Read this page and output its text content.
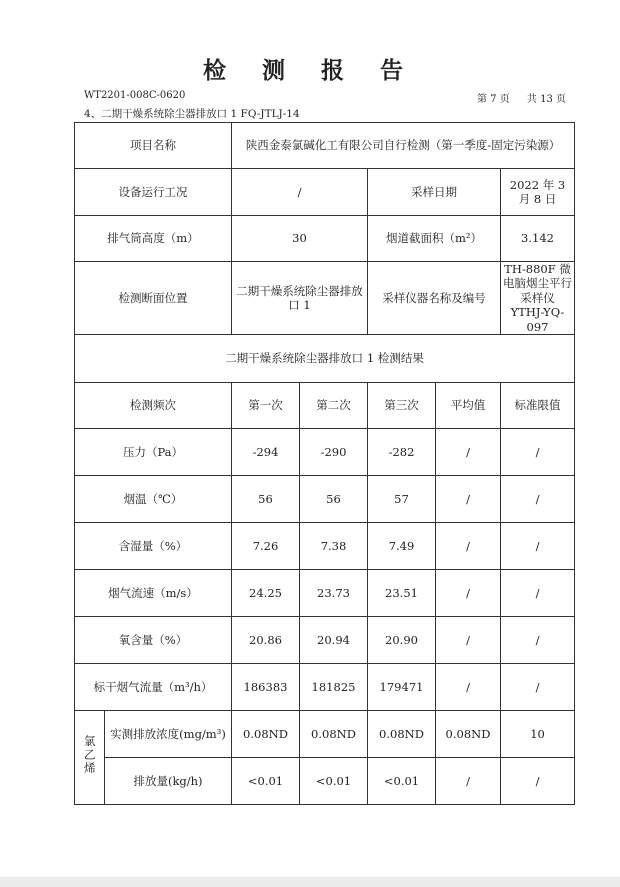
检 测 报 告
WT2201-008C-0620	第 7 页 共 13 页
4、二期干燥系统除尘器排放口 1 FQ-JTLJ-14
项目名称		陕西金泰氯碱化工有限公司自行检测（第一季度-固定污染源）				
设备运行工况		/		采样日期		2022 年 3 月 8 日
排气筒高度（m）		30		烟道截面积（m²）		3.142
检测断面位置		二期干燥系统除尘器排放口 1		采样仪器名称及编号		TH-880F 微电脑烟尘平行采样仪 YTHJ-YQ-097
二期干燥系统除尘器排放口 1 检测结果						
检测频次		第一次	第二次	第三次	平均值	标准限值
压力（Pa）		-294	-290	-282	/	/
烟温（℃）		56	56	57	/	/
含湿量（%）		7.26	7.38	7.49	/	/
烟气流速（m/s）		24.25	23.73	23.51	/	/
氧含量（%）		20.86	20.94	20.90	/	/
标干烟气流量（m³/h）		186383	181825	179471	/	/
氯乙烯	实测排放浓度(mg/m³)	0.08ND	0.08ND	0.08ND	0.08ND	10
	排放量(kg/h)	<0.01	<0.01	<0.01	/	/
